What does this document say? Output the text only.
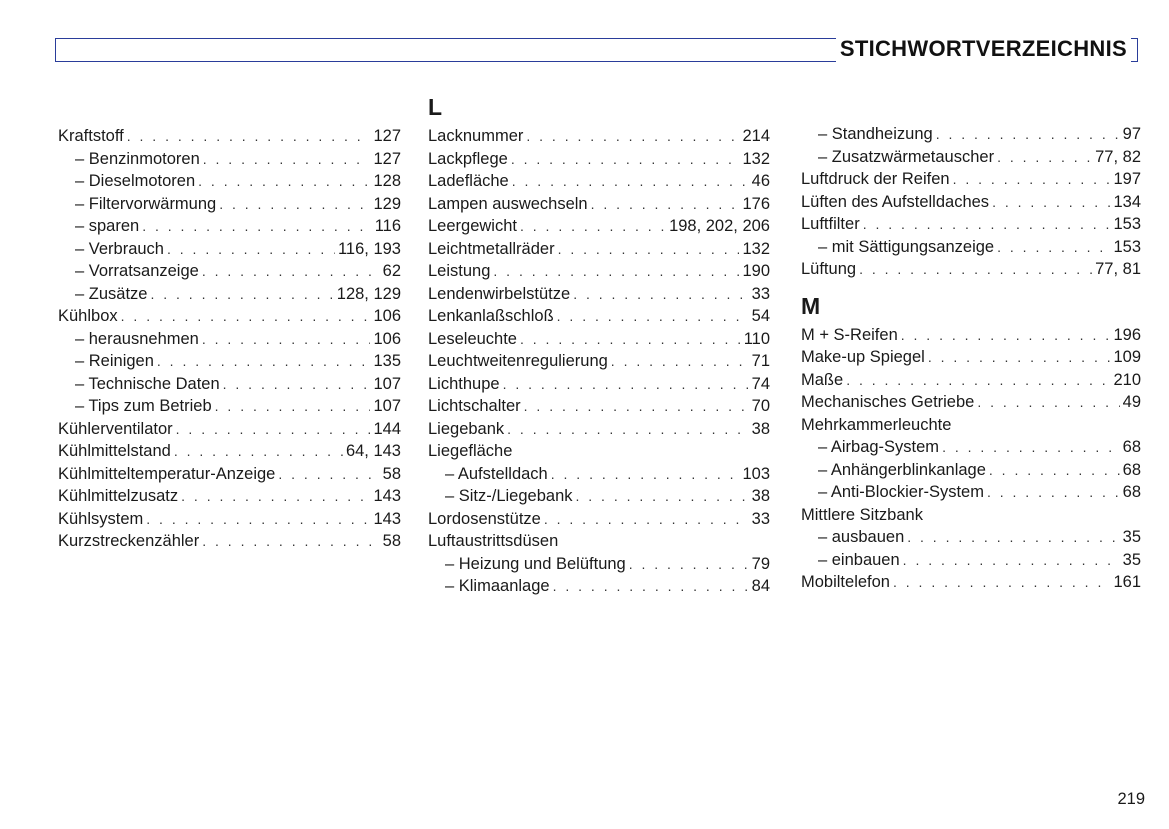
STICHWORTVERZEICHNIS
Kraftstoff . . .	127
– Benzinmotoren . . .	127
– Dieselmotoren . . .	128
– Filtervorwärmung . . .	129
– sparen . . .	116
– Verbrauch . . .	116, 193
– Vorratsanzeige . . .	62
– Zusätze . . .	128, 129
Kühlbox . . .	106
– herausnehmen . . .	106
– Reinigen . . .	135
– Technische Daten . . .	107
– Tips zum Betrieb . . .	107
Kühlerventilator . . .	144
Kühlmittelstand . . .	64, 143
Kühlmitteltemperatur-Anzeige . . .	58
Kühlmittelzusatz . . .	143
Kühlsystem . . .	143
Kurzstreckenzähler . . .	58
L
Lacknummer . . .	214
Lackpflege . . .	132
Ladefläche . . .	46
Lampen auswechseln . . .	176
Leergewicht . . .	198, 202, 206
Leichtmetallräder . . .	132
Leistung . . .	190
Lendenwirbelstütze . . .	33
Lenkanlaßschloß . . .	54
Leseleuchte . . .	110
Leuchtweitenregulierung . . .	71
Lichthupe . . .	74
Lichtschalter . . .	70
Liegebank . . .	38
Liegefläche
– Aufstelldach . . .	103
– Sitz-/Liegebank . . .	38
Lordosenstütze . . .	33
Luftaustrittsdüsen
– Heizung und Belüftung . . .	79
– Klimaanlage . . .	84
– Standheizung . . .	97
– Zusatzwärmetauscher . . .	77, 82
Luftdruck der Reifen . . .	197
Lüften des Aufstelldaches . . .	134
Luftfilter . . .	153
– mit Sättigungsanzeige . . .	153
Lüftung . . .	77, 81
M
M + S-Reifen . . .	196
Make-up Spiegel . . .	109
Maße . . .	210
Mechanisches Getriebe . . .	49
Mehrkammerleuchte
– Airbag-System . . .	68
– Anhängerblinkanlage . . .	68
– Anti-Blockier-System . . .	68
Mittlere Sitzbank
– ausbauen . . .	35
– einbauen . . .	35
Mobiltelefon . . .	161
219
